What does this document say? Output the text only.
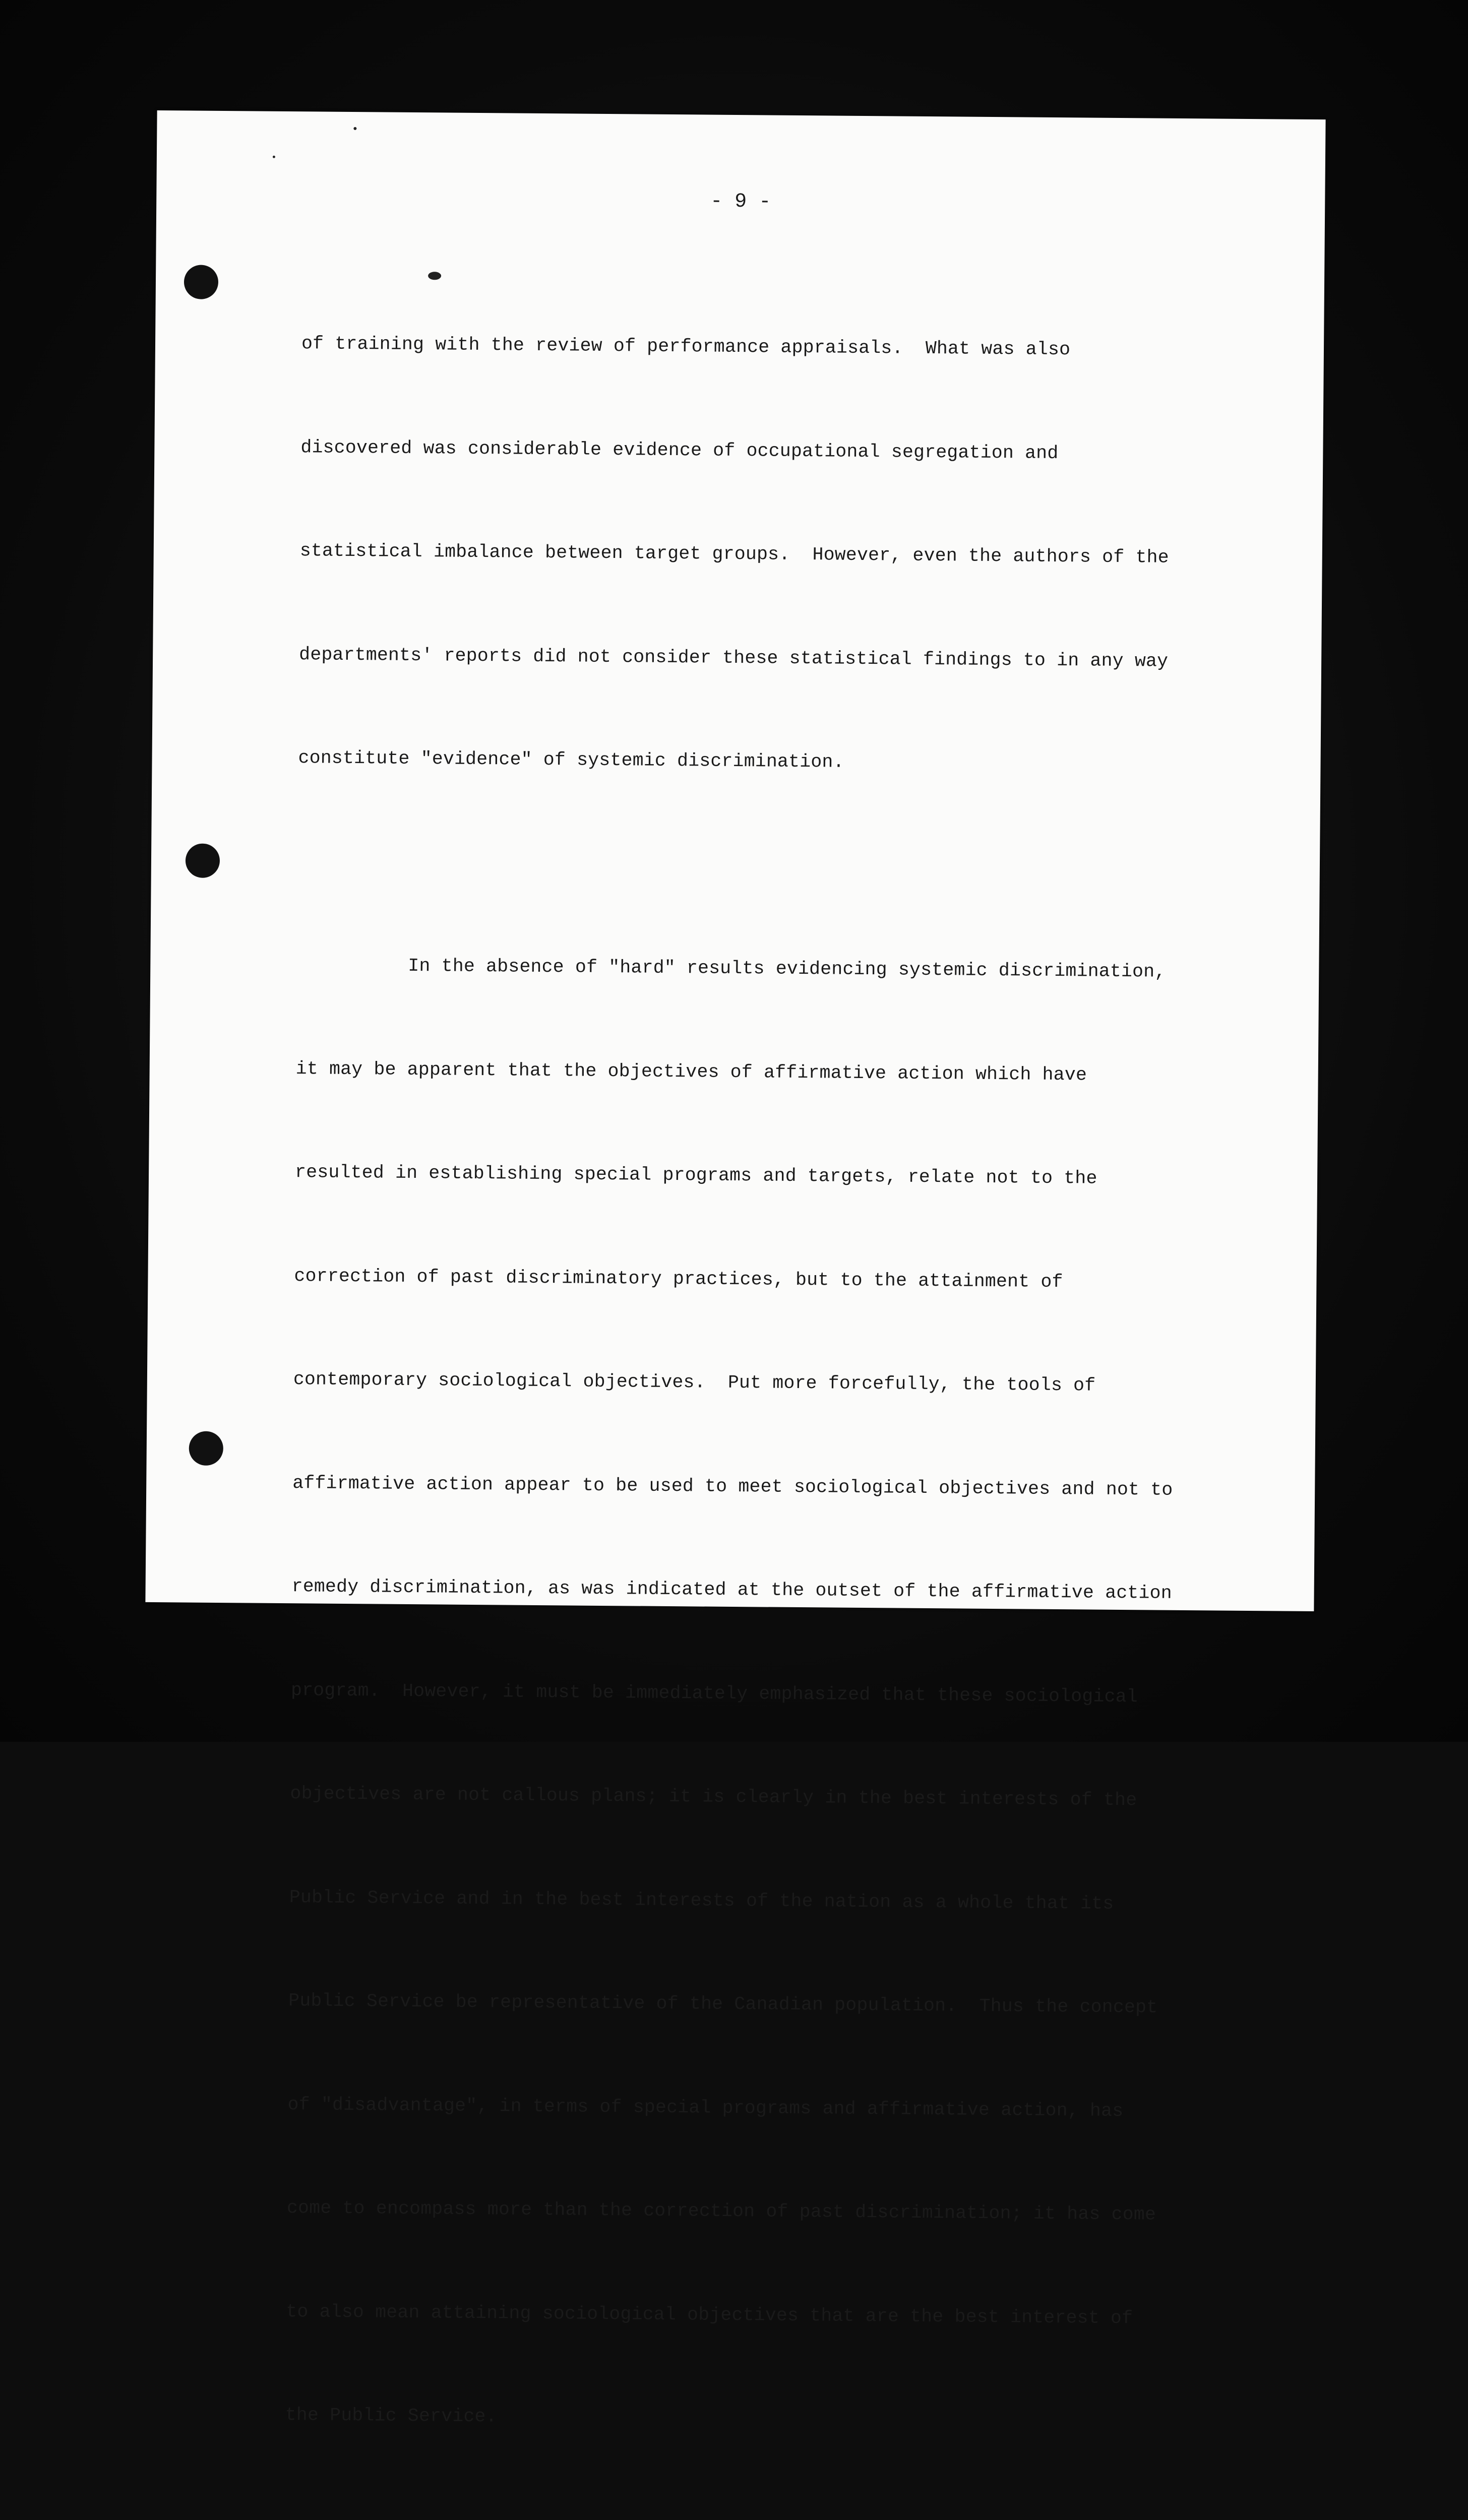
- 9 -

of training with the review of performance appraisals.  What was also

discovered was considerable evidence of occupational segregation and

statistical imbalance between target groups.  However, even the authors of the

departments' reports did not consider these statistical findings to in any way

constitute "evidence" of systemic discrimination.

In the absence of "hard" results evidencing systemic discrimination,

it may be apparent that the objectives of affirmative action which have

resulted in establishing special programs and targets, relate not to the

correction of past discriminatory practices, but to the attainment of

contemporary sociological objectives.  Put more forcefully, the tools of

affirmative action appear to be used to meet sociological objectives and not to

remedy discrimination, as was indicated at the outset of the affirmative action

program.  However, it must be immediately emphasized that these sociological

objectives are not callous plans; it is clearly in the best interests of the

Public Service and in the best interests of the nation as a whole that its

Public Service be representative of the Canadian population.  Thus the concept

of "disadvantage", in terms of special programs and affirmative action, has

come to encompass more than the correction of past discrimination; it has come

to also mean attaining sociological objectives that are the best interest of

the Public Service.
